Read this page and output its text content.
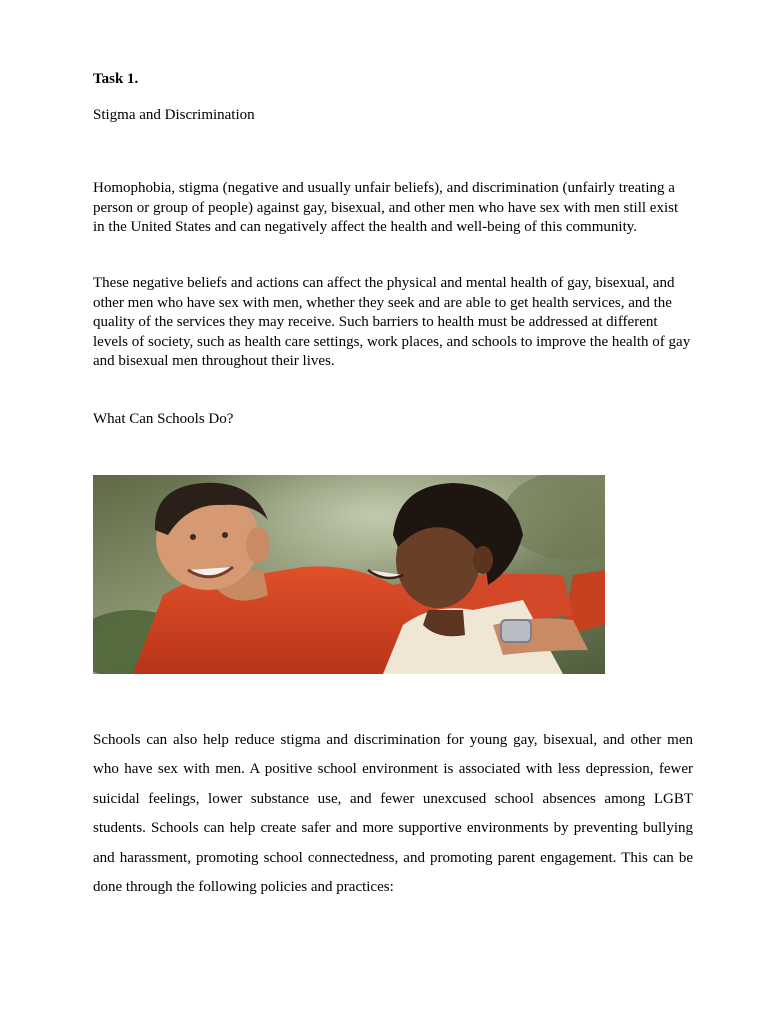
Task 1.
Stigma and Discrimination

Homophobia, stigma (negative and usually unfair beliefs), and discrimination (unfairly treating a person or group of people) against gay, bisexual, and other men who have sex with men still exist in the United States and can negatively affect the health and well-being of this community.

These negative beliefs and actions can affect the physical and mental health of gay, bisexual, and other men who have sex with men, whether they seek and are able to get health services, and the quality of the services they may receive. Such barriers to health must be addressed at different levels of society, such as health care settings, work places, and schools to improve the health of gay and bisexual men throughout their lives.

What Can Schools Do?

Schools can also help reduce stigma and discrimination for young gay, bisexual, and other men who have sex with men. A positive school environment is associated with less depression, fewer suicidal feelings, lower substance use, and fewer unexcused school absences among LGBT students. Schools can help create safer and more supportive environments by preventing bullying and harassment, promoting school connectedness, and promoting parent engagement. This can be done through the following policies and practices:
